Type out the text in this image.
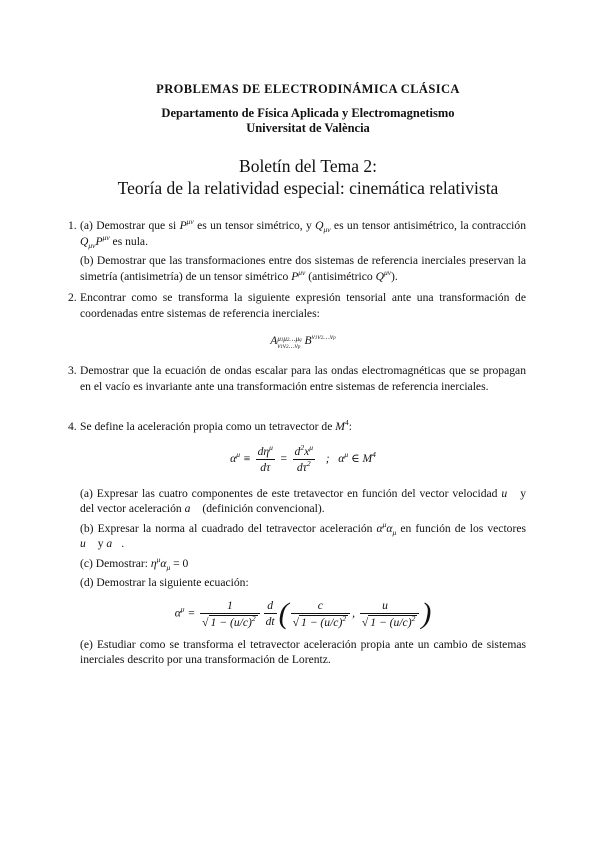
PROBLEMAS DE ELECTRODINÁMICA CLÁSICA
Departamento de Física Aplicada y Electromagnetismo
Universitat de València
Boletín del Tema 2:
Teoría de la relatividad especial: cinemática relativista
1. (a) Demostrar que si $P^{\mu\nu}$ es un tensor simétrico, y $Q_{\mu\nu}$ es un tensor antisimétrico, la contracción $Q_{\mu\nu}P^{\mu\nu}$ es nula.

(b) Demostrar que las transformaciones entre dos sistemas de referencia inerciales preservan la simetría (antisimetría) de un tensor simétrico $P^{\mu\nu}$ (antisimétrico $Q^{\mu\nu}$).

2. Encontrar como se transforma la siguiente expresión tensorial ante una transformación de coordenadas entre sistemas de referencia inerciales:

A μ1μ2…μq
ν1ν2…νp
$B^{\nu 1\nu 2\dots\nu p}$

3. Demostrar que la ecuación de ondas escalar para las ondas electromagnéticas que se propagan en el vacío es invariante ante una transformación entre sistemas de referencia inerciales.

4. Se define la aceleración propia como un tetravector de $M^4$:

$\alpha^\mu \equiv \frac{d\eta^\mu}{d\tau} = \frac{d^2x^\mu}{d\tau^2}$ ;   $\alpha^\mu$ ∈ $M^4$

(a) Expresar las cuatro componentes de este tretavector en función del vector velocidad u⃗ y del vector aceleración a⃗ (definición convencional).

(b) Expresar la norma al cuadrado del tetravector aceleración $\alpha^\mu\alpha_\mu$ en función de los vectores u⃗ y a⃗.

(c) Demostrar: $\eta^\mu\alpha_\mu = 0$

(d) Demostrar la siguiente ecuación:

$\alpha^\mu = \frac{1}{√ 1 - (u/c)^2} \frac{d}{dt}$ ( $\frac{c}{√ 1 - (u/c)^2}$ , $\frac{u⃗}{√ 1 - (u/c)^2}$ )

(e) Estudiar como se transforma el tetravector aceleración propia ante un cambio de sistemas inerciales descrito por una transformación de Lorentz.
